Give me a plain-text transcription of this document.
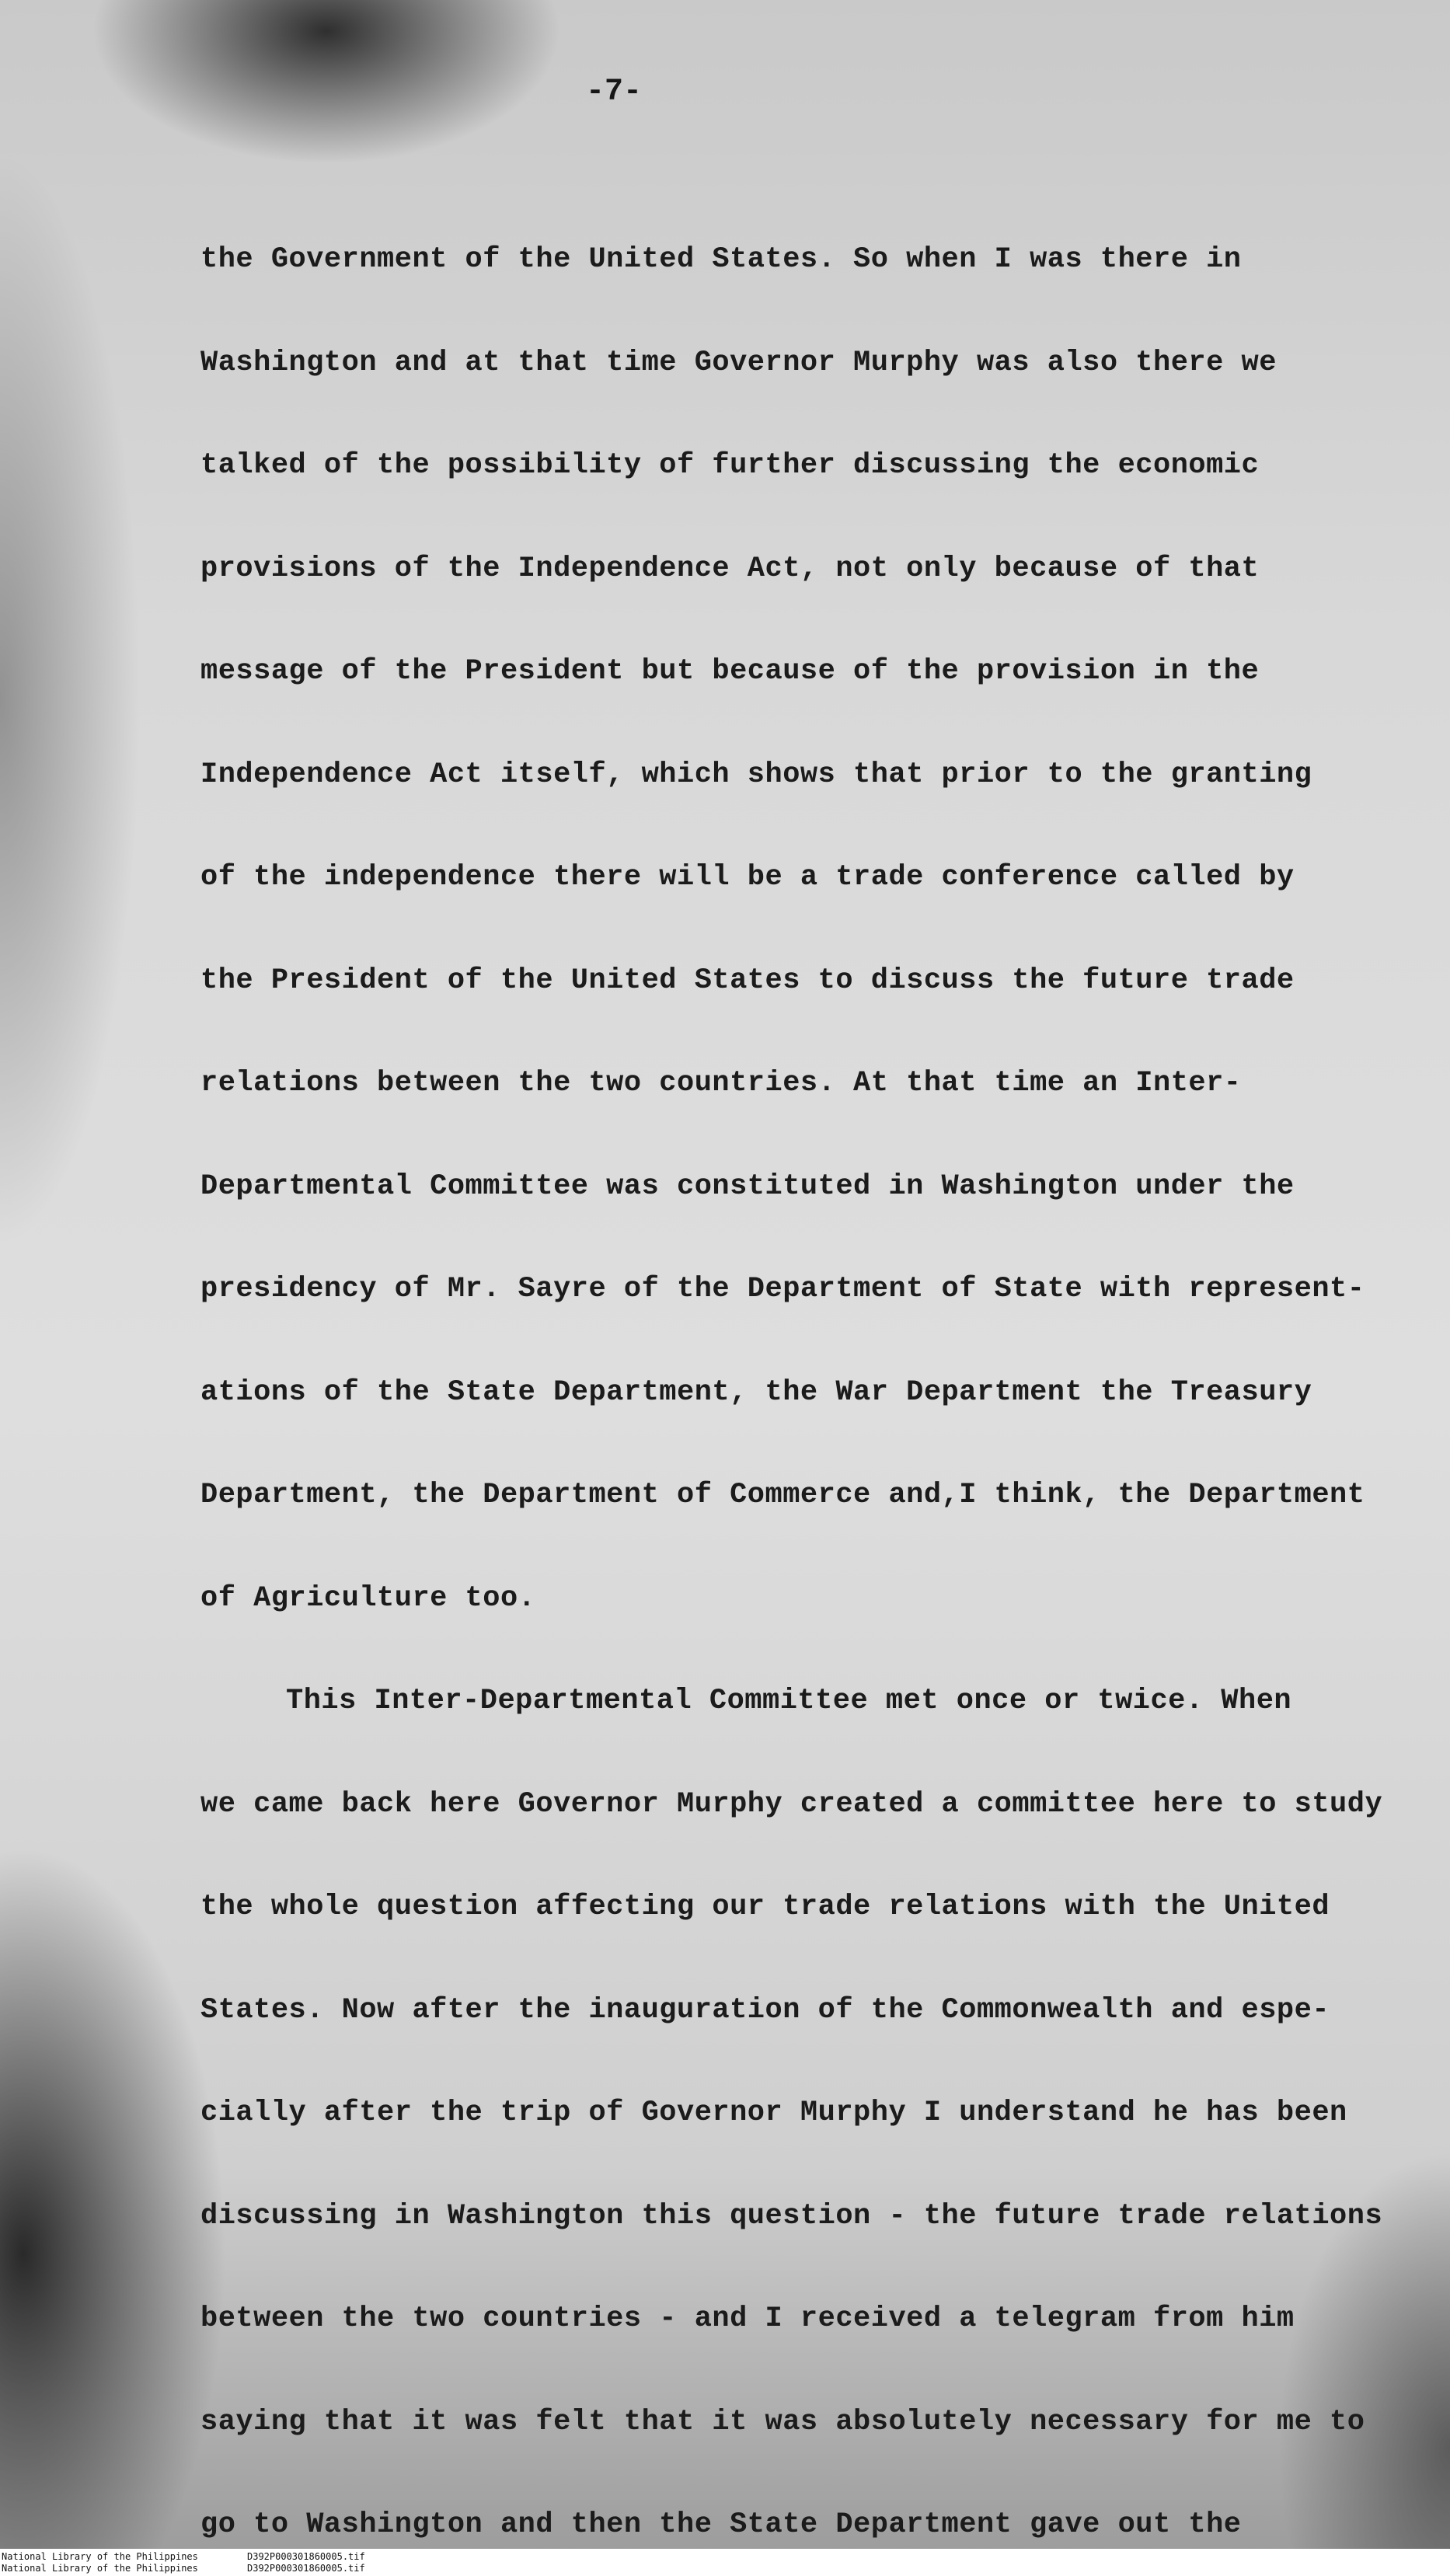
-7-
the Government of the United States. So when I was there in
Washington and at that time Governor Murphy was also there we
talked of the possibility of further discussing the economic
provisions of the Independence Act, not only because of that
message of the President but because of the provision in the
Independence Act itself, which shows that prior to the granting
of the independence there will be a trade conference called by
the President of the United States to discuss the future trade
relations between the two countries. At that time an Inter-
Departmental Committee was constituted in Washington under the
presidency of Mr. Sayre of the Department of State with represent-
ations of the State Department, the War Department the Treasury
Department, the Department of Commerce and,I think, the Department
of Agriculture too.
This Inter-Departmental Committee met once or twice. When
we came back here Governor Murphy created a committee here to study
the whole question affecting our trade relations with the United
States. Now after the inauguration of the Commonwealth and espe-
cially after the trip of Governor Murphy I understand he has been
discussing in Washington this question - the future trade relations
between the two countries - and I received a telegram from him
saying that it was felt that it was absolutely necessary for me to
go to Washington and then the State Department gave out the
National Library of the Philippines	D392P000301860005.tif
National Library of the Philippines	D392P000301860005.tif
